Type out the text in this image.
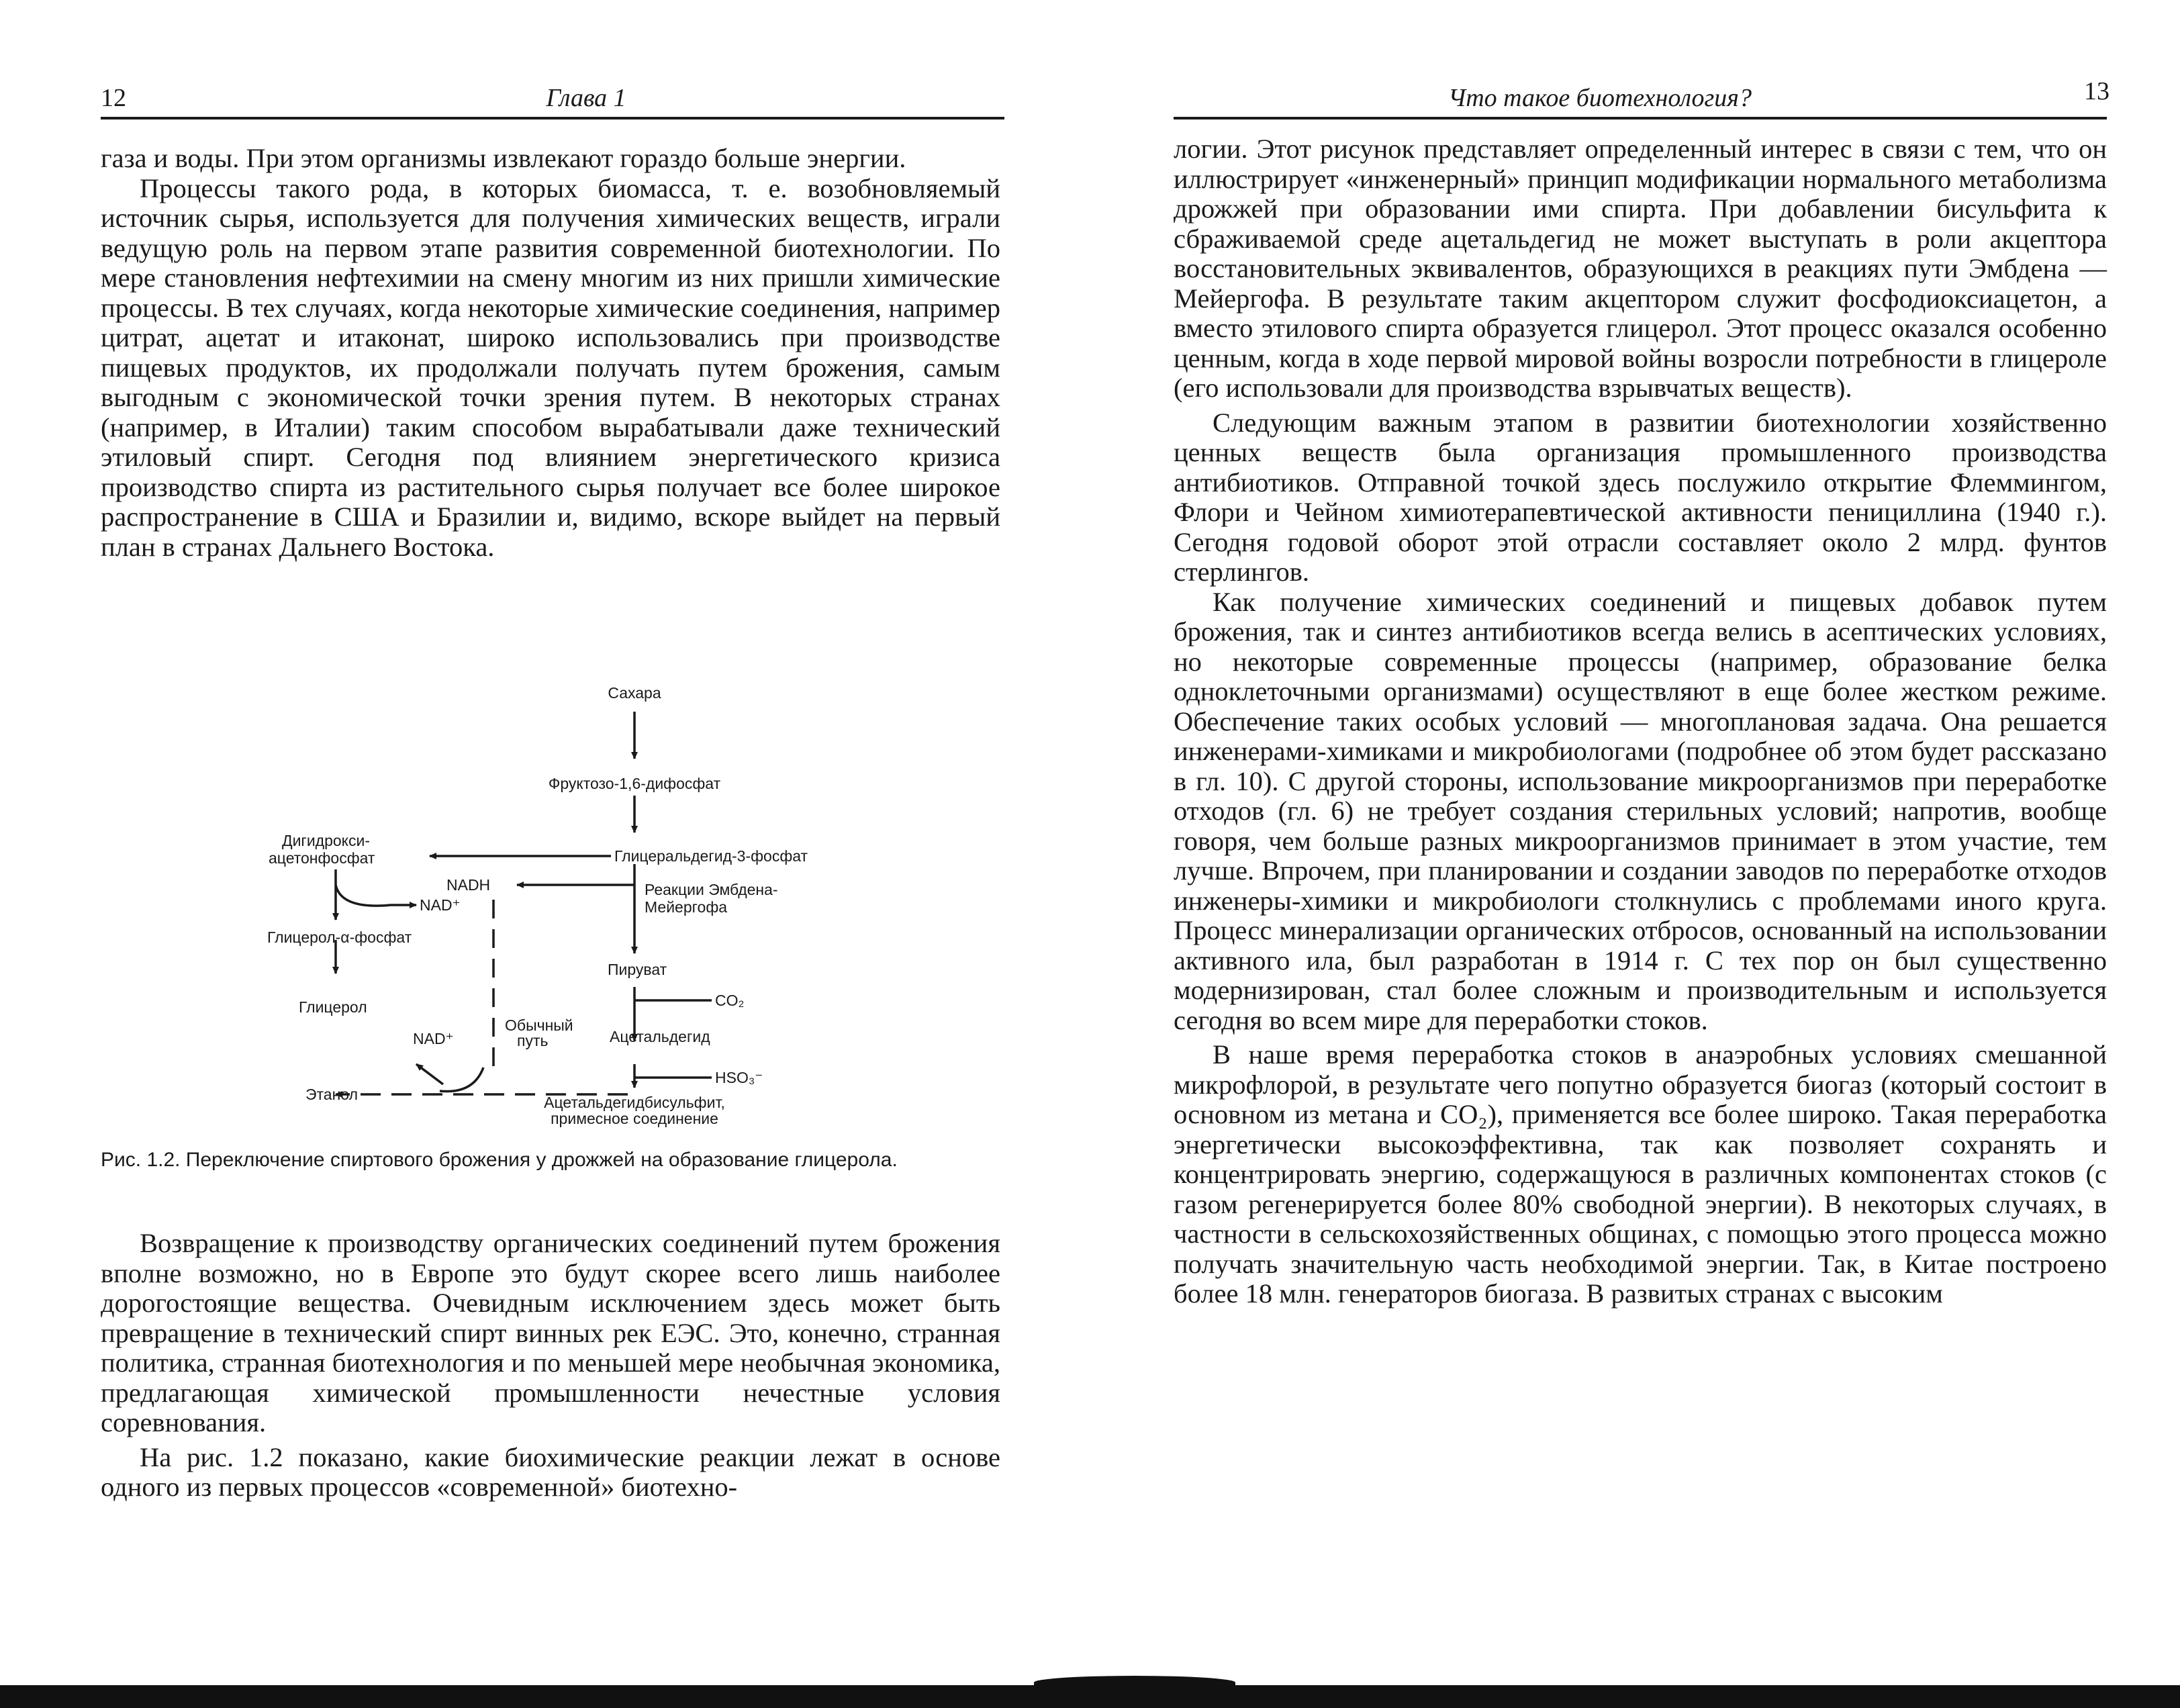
12	Глава 1

газа и воды. При этом организмы извлекают гораздо больше энергии.

Процессы такого рода, в которых биомасса, т. е. возобновляемый источник сырья, используется для получения химических веществ, играли ведущую роль на первом этапе развития современной биотехнологии. По мере становления нефтехимии на смену многим из них пришли химические процессы. В тех случаях, когда некоторые химические соединения, например цитрат, ацетат и итаконат, широко использовались при производстве пищевых продуктов, их продолжали получать путем брожения, самым выгодным с экономической точки зрения путем. В некоторых странах (например, в Италии) таким способом вырабатывали даже технический этиловый спирт. Сегодня под влиянием энергетического кризиса производство спирта из растительного сырья получает все более широкое распространение в США и Бразилии и, видимо, вскоре выйдет на первый план в странах Дальнего Востока.

Сахара
Фруктозо-1,6-дифосфат
Дигидрокси-
ацетонфосфат	Глицеральдегид-3-фосфат
NADH
NAD⁺
Реакции Эмбдена-
Мейергофа
Глицерол-α-фосфат
Пируват
CO₂
Глицерол
Обычный
путь
NAD⁺	Ацетальдегид
Этанол
HSO₃⁻
Ацетальдегидбисульфит,
примесное соединение
Рис. 1.2. Переключение спиртового брожения у дрожжей на образование глицерола.

Возвращение к производству органических соединений путем брожения вполне возможно, но в Европе это будут скорее всего лишь наиболее дорогостоящие вещества. Очевидным исключением здесь может быть превращение в технический спирт винных рек ЕЭС. Это, конечно, странная политика, странная биотехнология и по меньшей мере необычная экономика, предлагающая химической промышленности нечестные условия соревнования.

На рис. 1.2 показано, какие биохимические реакции лежат в основе одного из первых процессов «современной» биотехно-

Что такое биотехнология?	13

логии. Этот рисунок представляет определенный интерес в связи с тем, что он иллюстрирует «инженерный» принцип модификации нормального метаболизма дрожжей при образовании ими спирта. При добавлении бисульфита к сбраживаемой среде ацетальдегид не может выступать в роли акцептора восстановительных эквивалентов, образующихся в реакциях пути Эмбдена — Мейергофа. В результате таким акцептором служит фосфодиоксиацетон, а вместо этилового спирта образуется глицерол. Этот процесс оказался особенно ценным, когда в ходе первой мировой войны возросли потребности в глицероле (его использовали для производства взрывчатых веществ).

Следующим важным этапом в развитии биотехнологии хозяйственно ценных веществ была организация промышленного производства антибиотиков. Отправной точкой здесь послужило открытие Флеммингом, Флори и Чейном химиотерапевтической активности пенициллина (1940 г.). Сегодня годовой оборот этой отрасли составляет около 2 млрд. фунтов стерлингов.

Как получение химических соединений и пищевых добавок путем брожения, так и синтез антибиотиков всегда велись в асептических условиях, но некоторые современные процессы (например, образование белка одноклеточными организмами) осуществляют в еще более жестком режиме. Обеспечение таких особых условий — многоплановая задача. Она решается инженерами-химиками и микробиологами (подробнее об этом будет рассказано в гл. 10). С другой стороны, использование микроорганизмов при переработке отходов (гл. 6) не требует создания стерильных условий; напротив, вообще говоря, чем больше разных микроорганизмов принимает в этом участие, тем лучше. Впрочем, при планировании и создании заводов по переработке отходов инженеры-химики и микробиологи столкнулись с проблемами иного круга. Процесс минерализации органических отбросов, основанный на использовании активного ила, был разработан в 1914 г. С тех пор он был существенно модернизирован, стал более сложным и производительным и используется сегодня во всем мире для переработки стоков.

В наше время переработка стоков в анаэробных условиях смешанной микрофлорой, в результате чего попутно образуется биогаз (который состоит в основном из метана и CO₂), применяется все более широко. Такая переработка энергетически высокоэффективна, так как позволяет сохранять и концентрировать энергию, содержащуюся в различных компонентах стоков (с газом регенерируется более 80% свободной энергии). В некоторых случаях, в частности в сельскохозяйственных общинах, с помощью этого процесса можно получать значительную часть необходимой энергии. Так, в Китае построено более 18 млн. генераторов биогаза. В развитых странах с высоким
